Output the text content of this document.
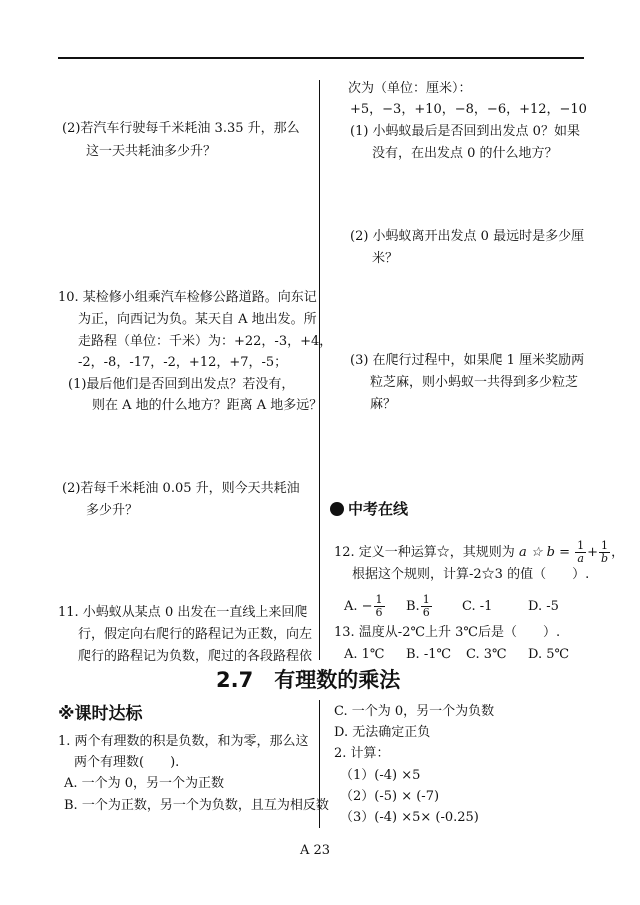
(2)若汽车行驶每千米耗油 3.35 升，那么
这一天共耗油多少升？
10. 某检修小组乘汽车检修公路道路。向东记
为正，向西记为负。某天自 A 地出发。所
走路程（单位：千米）为：+22，-3，+4，
-2，-8，-17，-2，+12，+7，-5；
(1)最后他们是否回到出发点？若没有，
则在 A 地的什么地方？距离 A 地多远？
(2)若每千米耗油 0.05 升，则今天共耗油
多少升？
11. 小蚂蚁从某点 0 出发在一直线上来回爬
行，假定向右爬行的路程记为正数，向左
爬行的路程记为负数，爬过的各段路程依
次为（单位：厘米）：
+5，−3，+10，−8，−6，+12，−10
(1) 小蚂蚁最后是否回到出发点 0？如果
没有，在出发点 0 的什么地方？
(2) 小蚂蚁离开出发点 0 最远时是多少厘
米？
(3) 在爬行过程中，如果爬 1 厘米奖励两
粒芝麻，则小蚂蚁一共得到多少粒芝
麻？
中考在线
12. 定义一种运算☆，其规则为 a ☆ $b = \frac{1}{a} + \frac{1}{b}$ ，
根据这个规则，计算-2☆3 的值（　　）.
A. − $\frac{1}{6} B$. $\frac{1}{6} C$. -1	D. -5
13. 温度从-2℃上升 3℃后是（　　）.
A. 1℃ B. -1℃ C. 3℃ D. 5℃
2.7　有理数的乘法
※课时达标
1. 两个有理数的积是负数，和为零，那么这
两个有理数(　　).
A. 一个为 0，另一个为正数
B. 一个为正数，另一个为负数，且互为相反数
C. 一个为 0，另一个为负数
D. 无法确定正负
2. 计算：
（1）(-4) ×5
（2）(-5) × (-7)
（3）(-4) ×5× (-0.25)
A 23
